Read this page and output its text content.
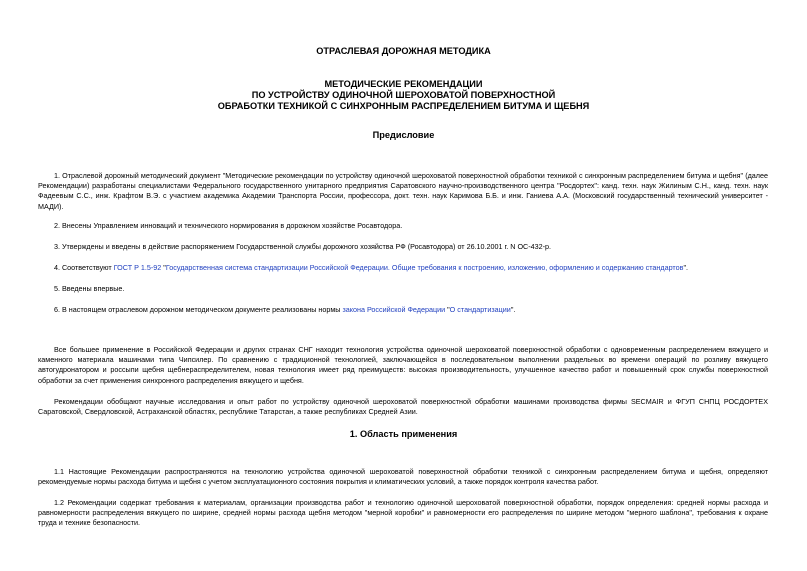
ОТРАСЛЕВАЯ ДОРОЖНАЯ МЕТОДИКА

МЕТОДИЧЕСКИЕ РЕКОМЕНДАЦИИ

ПО УСТРОЙСТВУ ОДИНОЧНОЙ ШЕРОХОВАТОЙ ПОВЕРХНОСТНОЙ

ОБРАБОТКИ ТЕХНИКОЙ С СИНХРОННЫМ РАСПРЕДЕЛЕНИЕМ БИТУМА И ЩЕБНЯ

Предисловие

1. Отраслевой дорожный методический документ "Методические рекомендации по устройству одиночной шероховатой поверхностной обработки техникой с синхронным распределением битума и щебня" (далее Рекомендации) разработаны специалистами Федерального государственного унитарного предприятия Саратовского научно-производственного центра "Росдортех": канд. техн. наук Жилиным С.Н., канд. техн. наук Фадеевым С.С., инж. Крафтом В.Э. с участием академика Академии Транспорта России, профессора, докт. техн. наук Каримова Б.Б. и инж. Ганиева А.А. (Московский государственный технический университет - МАДИ).

2. Внесены Управлением инноваций и технического нормирования в дорожном хозяйстве Росавтодора.

3. Утверждены и введены в действие распоряжением Государственной службы дорожного хозяйства РФ (Росавтодора) от 26.10.2001 г. N ОС-432-р.

4. Соответствуют ГОСТ Р 1.5-92 "Государственная система стандартизации Российской Федерации. Общие требования к построению, изложению, оформлению и содержанию стандартов".

5. Введены впервые.

6. В настоящем отраслевом дорожном методическом документе реализованы нормы закона Российской Федерации "О стандартизации".

Все большее применение в Российской Федерации и других странах СНГ находит технология устройства одиночной шероховатой поверхностной обработки с одновременным распределением вяжущего и каменного материала машинами типа Чипсилер. По сравнению с традиционной технологией, заключающейся в последовательном выполнении раздельных во времени операций по розливу вяжущего автогудронатором и россыпи щебня щебнераспределителем, новая технология имеет ряд преимуществ: высокая производительность, улучшенное качество работ и повышенный срок службы поверхностной обработки за счет применения синхронного распределения вяжущего и щебня.

Рекомендации обобщают научные исследования и опыт работ по устройству одиночной шероховатой поверхностной обработки машинами производства фирмы SECMAIR и ФГУП СНПЦ РОСДОРТЕХ Саратовской, Свердловской, Астраханской областях, республике Татарстан, а также республиках Средней Азии.

1. Область применения

1.1 Настоящие Рекомендации распространяются на технологию устройства одиночной шероховатой поверхностной обработки техникой с синхронным распределением битума и щебня, определяют рекомендуемые нормы расхода битума и щебня с учетом эксплуатационного состояния покрытия и климатических условий, а также порядок контроля качества работ.

1.2 Рекомендации содержат требования к материалам, организации производства работ и технологию одиночной шероховатой поверхностной обработки, порядок определения: средней нормы расхода и равномерности распределения вяжущего по ширине, средней нормы расхода щебня методом "мерной коробки" и равномерности его распределения по ширине методом "мерного шаблона", требования к охране труда и технике безопасности.
